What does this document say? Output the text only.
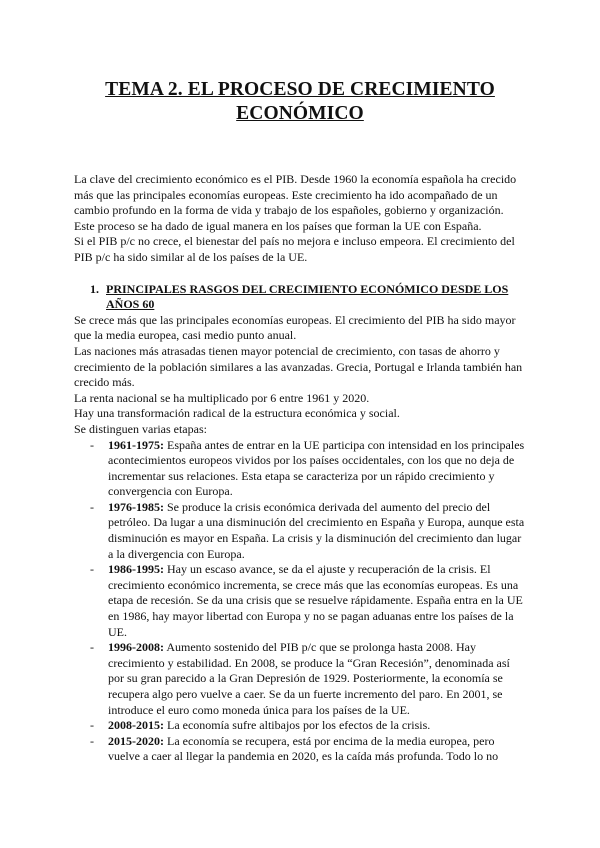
TEMA 2. EL PROCESO DE CRECIMIENTO
ECONÓMICO

La clave del crecimiento económico es el PIB. Desde 1960 la economía española ha crecido más que las principales economías europeas. Este crecimiento ha ido acompañado de un cambio profundo en la forma de vida y trabajo de los españoles, gobierno y organización.

Este proceso se ha dado de igual manera en los países que forman la UE con España.

Si el PIB p/c no crece, el bienestar del país no mejora e incluso empeora. El crecimiento del PIB p/c ha sido similar al de los países de la UE.

1. PRINCIPALES RASGOS DEL CRECIMIENTO ECONÓMICO DESDE LOS AÑOS 60

Se crece más que las principales economías europeas. El crecimiento del PIB ha sido mayor que la media europea, casi medio punto anual.

Las naciones más atrasadas tienen mayor potencial de crecimiento, con tasas de ahorro y crecimiento de la población similares a las avanzadas. Grecia, Portugal e Irlanda también han crecido más.

La renta nacional se ha multiplicado por 6 entre 1961 y 2020.

Hay una transformación radical de la estructura económica y social.

Se distinguen varias etapas:

- 1961-1975: España antes de entrar en la UE participa con intensidad en los principales acontecimientos europeos vividos por los países occidentales, con los que no deja de incrementar sus relaciones. Esta etapa se caracteriza por un rápido crecimiento y convergencia con Europa.
- 1976-1985: Se produce la crisis económica derivada del aumento del precio del petróleo. Da lugar a una disminución del crecimiento en España y Europa, aunque esta disminución es mayor en España. La crisis y la disminución del crecimiento dan lugar a la divergencia con Europa.
- 1986-1995: Hay un escaso avance, se da el ajuste y recuperación de la crisis. El crecimiento económico incrementa, se crece más que las economías europeas. Es una etapa de recesión. Se da una crisis que se resuelve rápidamente. España entra en la UE en 1986, hay mayor libertad con Europa y no se pagan aduanas entre los países de la UE.
- 1996-2008: Aumento sostenido del PIB p/c que se prolonga hasta 2008. Hay crecimiento y estabilidad. En 2008, se produce la “Gran Recesión”, denominada así por su gran parecido a la Gran Depresión de 1929. Posteriormente, la economía se recupera algo pero vuelve a caer. Se da un fuerte incremento del paro. En 2001, se introduce el euro como moneda única para los países de la UE.
- 2008-2015: La economía sufre altibajos por los efectos de la crisis.
- 2015-2020: La economía se recupera, está por encima de la media europea, pero vuelve a caer al llegar la pandemia en 2020, es la caída más profunda. Todo lo no
